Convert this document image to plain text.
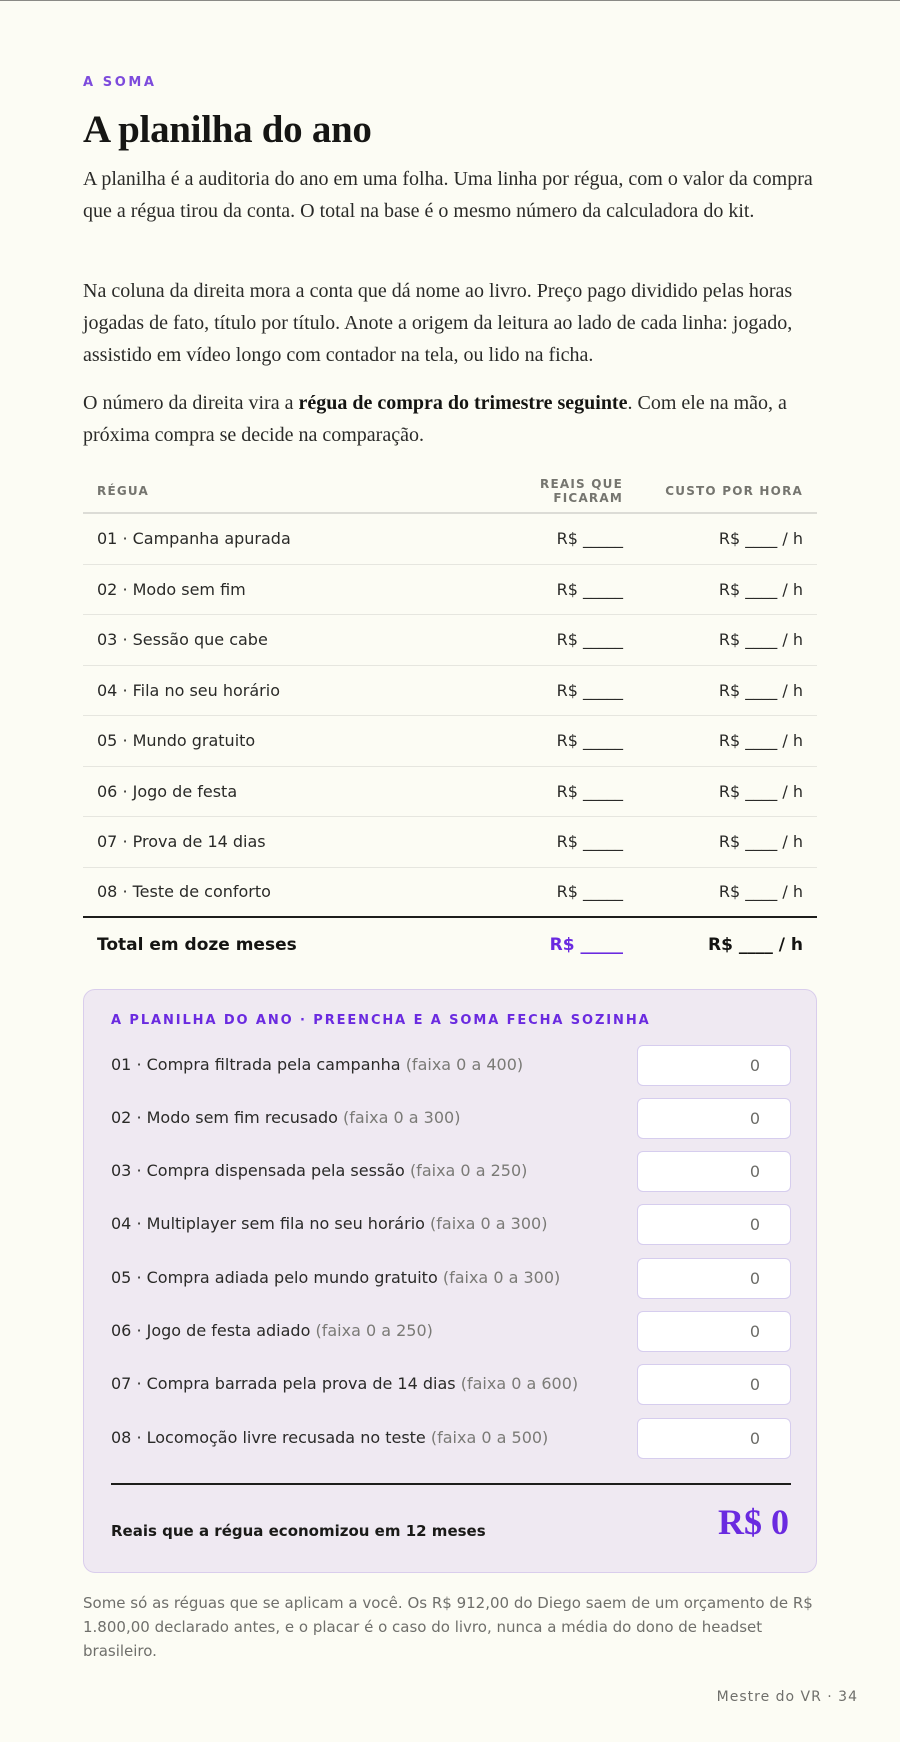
A SOMA
A planilha do ano

A planilha é a auditoria do ano em uma folha. Uma linha por régua, com o valor da compra que a régua tirou da conta. O total na base é o mesmo número da calculadora do kit.

Na coluna da direita mora a conta que dá nome ao livro. Preço pago dividido pelas horas jogadas de fato, título por título. Anote a origem da leitura ao lado de cada linha: jogado, assistido em vídeo longo com contador na tela, ou lido na ficha.

O número da direita vira a régua de compra do trimestre seguinte. Com ele na mão, a próxima compra se decide na comparação.

RÉGUA	REAIS QUE FICARAM	CUSTO POR HORA
01 · Campanha apurada	R$ _____	R$ ____ / h
02 · Modo sem fim	R$ _____	R$ ____ / h
03 · Sessão que cabe	R$ _____	R$ ____ / h
04 · Fila no seu horário	R$ _____	R$ ____ / h
05 · Mundo gratuito	R$ _____	R$ ____ / h
06 · Jogo de festa	R$ _____	R$ ____ / h
07 · Prova de 14 dias	R$ _____	R$ ____ / h
08 · Teste de conforto	R$ _____	R$ ____ / h
Total em doze meses	R$ _____	R$ ____ / h
A PLANILHA DO ANO · PREENCHA E A SOMA FECHA SOZINHA
01 · Compra filtrada pela campanha (faixa 0 a 400)	0
02 · Modo sem fim recusado (faixa 0 a 300)	0
03 · Compra dispensada pela sessão (faixa 0 a 250)	0
04 · Multiplayer sem fila no seu horário (faixa 0 a 300)	0
05 · Compra adiada pelo mundo gratuito (faixa 0 a 300)	0
06 · Jogo de festa adiado (faixa 0 a 250)	0
07 · Compra barrada pela prova de 14 dias (faixa 0 a 600)	0
08 · Locomoção livre recusada no teste (faixa 0 a 500)	0
Reais que a régua economizou em 12 meses	R$ 0

Some só as réguas que se aplicam a você. Os R$ 912,00 do Diego saem de um orçamento de R$ 1.800,00 declarado antes, e o placar é o caso do livro, nunca a média do dono de headset brasileiro.

Mestre do VR · 34
